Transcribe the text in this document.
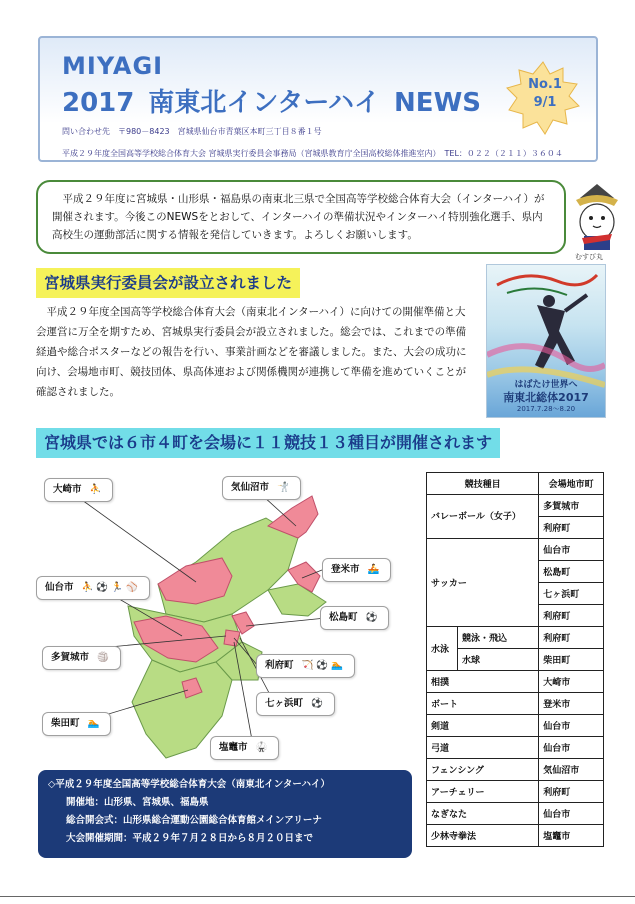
MIYAGI
2017 南東北インターハイ NEWS
No.1
9/1
問い合わせ先　〒980－8423　宮城県仙台市青葉区本町三丁目８番１号
平成２９年度全国高等学校総合体育大会 宮城県実行委員会事務局（宮城県教育庁全国高校総体推進室内）　TEL：０２２（２１１）３６０４
平成２９年度に宮城県・山形県・福島県の南東北三県で全国高等学校総合体育大会（インターハイ）が開催されます。今後このNEWSをとおして、インターハイの準備状況やインターハイ特別強化選手、県内高校生の運動部活に関する情報を発信していきます。よろしくお願いします。
むすび丸
宮城県実行委員会が設立されました
平成２９年度全国高等学校総合体育大会（南東北インターハイ）に向けての開催準備と大会運営に万全を期すため、宮城県実行委員会が設立されました。総会では、これまでの準備経過や総合ポスターなどの報告を行い、事業計画などを審議しました。また、大会の成功に向け、会場地市町、競技団体、県高体連および関係機関が連携して準備を進めていくことが確認されました。
はばたけ世界へ
南東北総体2017
2017.7.28～8.20
宮城県では６市４町を会場に１１競技１３種目が開催されます
大崎市 ⛹	気仙沼市 🤺
登米市 🚣
仙台市 ⛹⚽🏃⚾
松島町 ⚽
多賀城市 🏐
利府町 🏹⚽🏊
七ヶ浜町 ⚽
柴田町 🏊
塩竈市 🥋
◇平成２９年度全国高等学校総合体育大会（南東北インターハイ）
開催地：山形県、宮城県、福島県
総合開会式：山形県総合運動公園総合体育館メインアリーナ
大会開催期間：平成２９年７月２８日から８月２０日まで
競技種目		会場地市町
バレーボール（女子）		多賀城市
		利府町
サッカー		仙台市
		松島町
		七ヶ浜町
		利府町
水泳	競泳・飛込	利府町
	水球	柴田町
相撲		大崎市
ボート		登米市
剣道		仙台市
弓道		仙台市
フェンシング		気仙沼市
アーチェリー		利府町
なぎなた		仙台市
少林寺拳法		塩竈市
